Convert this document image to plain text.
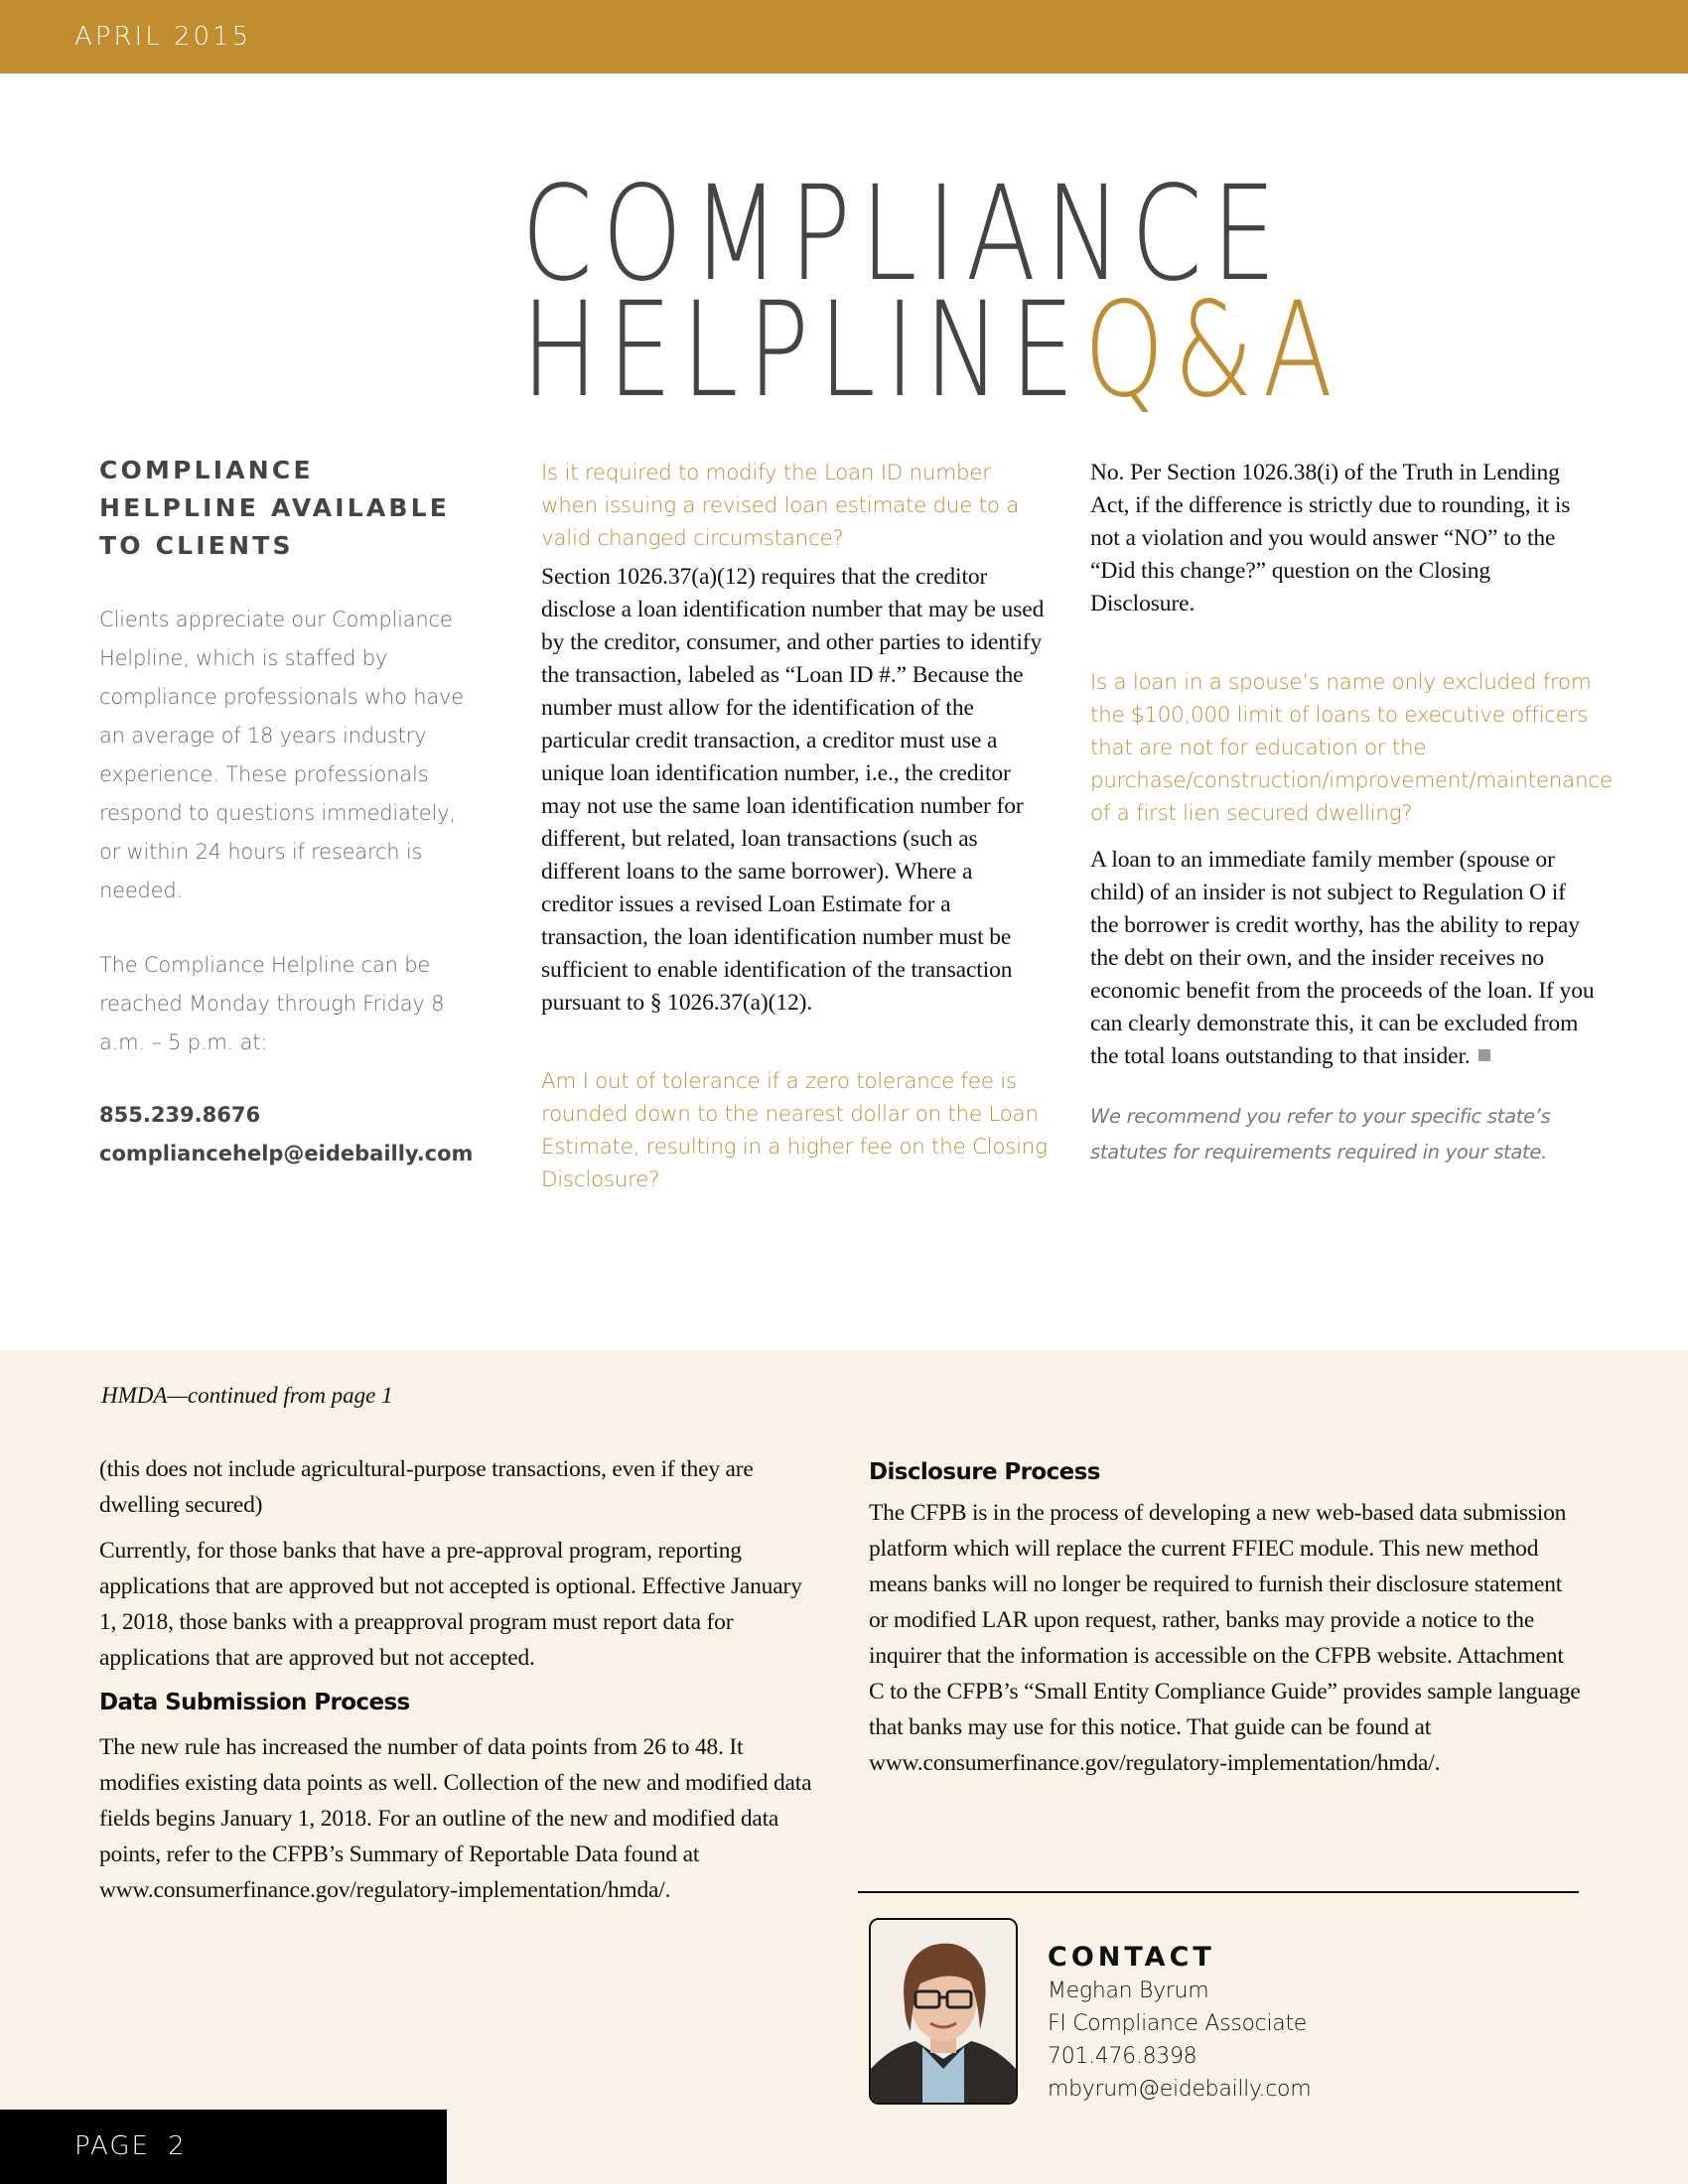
APRIL 2015
COMPLIANCE
HELPLINEQ&A
COMPLIANCE HELPLINE AVAILABLE TO CLIENTS

Clients appreciate our Compliance Helpline, which is staffed by compliance professionals who have an average of 18 years industry experience. These professionals respond to questions immediately, or within 24 hours if research is needed.

The Compliance Helpline can be reached Monday through Friday 8 a.m. – 5 p.m. at:

855.239.8676
compliancehelp@eidebailly.com

Is it required to modify the Loan ID number when issuing a revised loan estimate due to a valid changed circumstance?

Section 1026.37(a)(12) requires that the creditor disclose a loan identification number that may be used by the creditor, consumer, and other parties to identify the transaction, labeled as “Loan ID #.” Because the number must allow for the identification of the particular credit transaction, a creditor must use a unique loan identification number, i.e., the creditor may not use the same loan identification number for different, but related, loan transactions (such as different loans to the same borrower). Where a creditor issues a revised Loan Estimate for a transaction, the loan identification number must be sufficient to enable identification of the transaction pursuant to § 1026.37(a)(12).

Am I out of tolerance if a zero tolerance fee is rounded down to the nearest dollar on the Loan Estimate, resulting in a higher fee on the Closing Disclosure?

No. Per Section 1026.38(i) of the Truth in Lending Act, if the difference is strictly due to rounding, it is not a violation and you would answer “NO” to the “Did this change?” question on the Closing Disclosure.

Is a loan in a spouse’s name only excluded from the $100,000 limit of loans to executive officers that are not for education or the purchase/construction/improvement/maintenance of a first lien secured dwelling?

A loan to an immediate family member (spouse or child) of an insider is not subject to Regulation O if the borrower is credit worthy, has the ability to repay the debt on their own, and the insider receives no economic benefit from the proceeds of the loan. If you can clearly demonstrate this, it can be excluded from the total loans outstanding to that insider.

We recommend you refer to your specific state’s statutes for requirements required in your state.

HMDA—continued from page 1

(this does not include agricultural-purpose transactions, even if they are dwelling secured)

Currently, for those banks that have a pre-approval program, reporting applications that are approved but not accepted is optional. Effective January 1, 2018, those banks with a preapproval program must report data for applications that are approved but not accepted.

Data Submission Process

The new rule has increased the number of data points from 26 to 48. It modifies existing data points as well. Collection of the new and modified data fields begins January 1, 2018. For an outline of the new and modified data points, refer to the CFPB’s Summary of Reportable Data found at www.consumerfinance.gov/regulatory-implementation/hmda/.

Disclosure Process

The CFPB is in the process of developing a new web-based data submission platform which will replace the current FFIEC module. This new method means banks will no longer be required to furnish their disclosure statement or modified LAR upon request, rather, banks may provide a notice to the inquirer that the information is accessible on the CFPB website. Attachment C to the CFPB’s “Small Entity Compliance Guide” provides sample language that banks may use for this notice. That guide can be found at www.consumerfinance.gov/regulatory-implementation/hmda/.

CONTACT
Meghan Byrum
FI Compliance Associate
701.476.8398
mbyrum@eidebailly.com
PAGE 2
